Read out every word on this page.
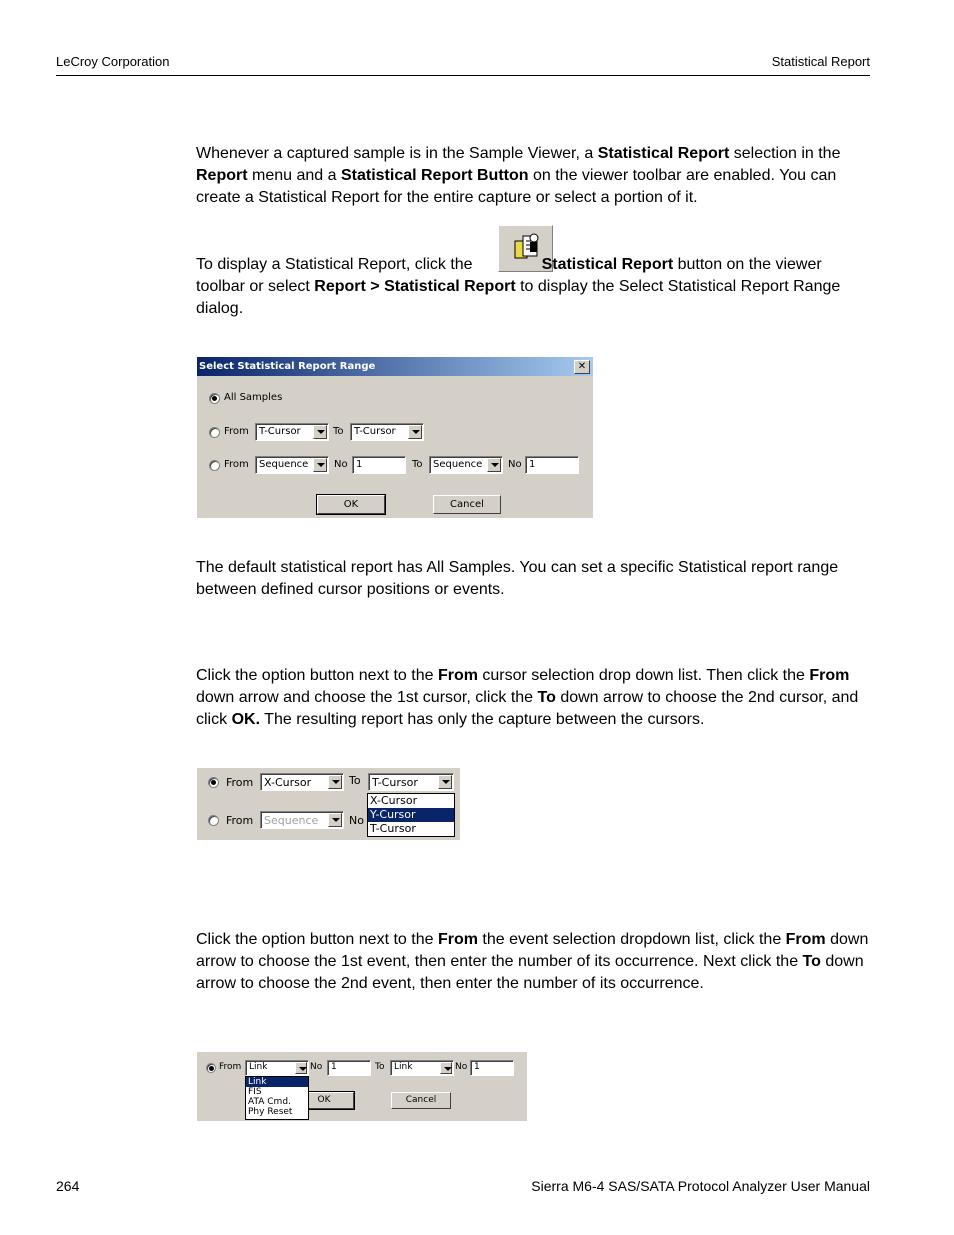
LeCroy Corporation	Statistical Report
Whenever a captured sample is in the Sample Viewer, a Statistical Report selection in the Report menu and a Statistical Report Button on the viewer toolbar are enabled. You can create a Statistical Report for the entire capture or select a portion of it.
To display a Statistical Report, click the	Statistical Report button on the viewer toolbar or select Report > Statistical Report to display the Select Statistical Report Range dialog.
Select Statistical Report Range	✕
All Samples
From T-Cursor	To T-Cursor
From Sequence	No 1	To Sequence	No 1
OK	Cancel
The default statistical report has All Samples. You can set a specific Statistical report range between defined cursor positions or events.
Click the option button next to the From cursor selection drop down list. Then click the From down arrow and choose the 1st cursor, click the To down arrow to choose the 2nd cursor, and click OK. The resulting report has only the capture between the cursors.
From X-Cursor	To T-Cursor
From Sequence	No
X-Cursor
Y-Cursor
T-Cursor
Click the option button next to the From the event selection dropdown list, click the From down arrow to choose the 1st event, then enter the number of its occurrence. Next click the To down arrow to choose the 2nd event, then enter the number of its occurrence.
From Link	No 1	To Link	No 1
OK	Cancel
Link
FIS
ATA Cmd.
Phy Reset
264	Sierra M6-4 SAS/SATA Protocol Analyzer User Manual
